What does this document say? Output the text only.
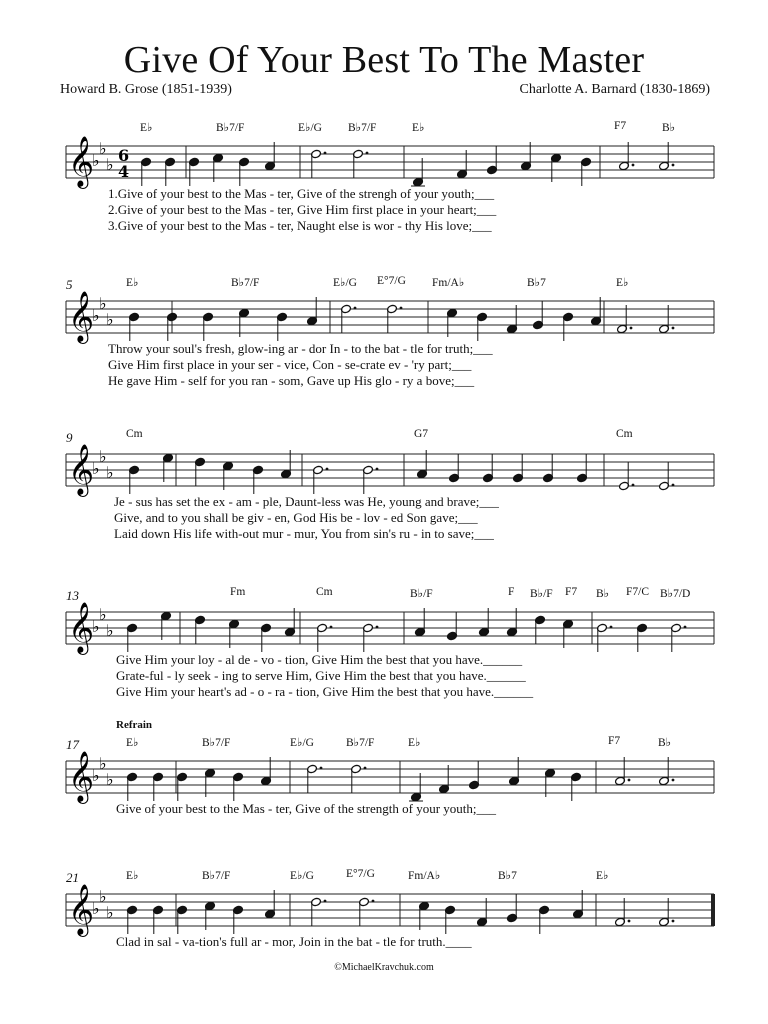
Give Of Your Best To The Master
Howard B. Grose (1851-1939)	Charlotte A. Barnard (1830-1869)
𝄞
♭
♭
♭ 6
4
E♭	B♭7/F	E♭/G B♭7/F	E♭	F7	B♭
1.Give of your best to the Mas - ter, Give of the strengh of your youth;___
2.Give of your best to the Mas - ter, Give Him first place in your heart;___
3.Give of your best to the Mas - ter, Naught else is wor - thy His love;___
𝄞
♭
♭
♭
5	E♭	B♭7/F	E♭/G E°7/G Fm/A♭	B♭7	E♭
Throw your soul's fresh, glow-ing ar - dor In - to the bat - tle for truth;___
Give Him first place in your ser - vice, Con - se-crate ev - 'ry part;___
He gave Him - self for you ran - som, Gave up His glo - ry a bove;___
𝄞
♭
♭
♭
9	Cm	G7	Cm
Je - sus has set the ex - am - ple, Daunt-less was He, young and brave;___
Give, and to you shall be giv - en, God His be - lov - ed Son gave;___
Laid down His life with-out mur - mur, You from sin's ru - in to save;___
𝄞
♭
♭
♭
13	Fm	Cm	B♭/F	F B♭/F F7 B♭ F7/C B♭7/D
Give Him your loy - al de - vo - tion, Give Him the best that you have.______
Grate-ful - ly seek - ing to serve Him, Give Him the best that you have.______
Give Him your heart's ad - o - ra - tion, Give Him the best that you have.______
𝄞
♭
♭
♭
17
Refrain
E♭	B♭7/F	E♭/G	B♭7/F	E♭	F7	B♭
Give of your best to the Mas - ter, Give of the strength of your youth;___
𝄞
♭
♭
♭
21	E♭	B♭7/F	E♭/G	E°7/G	Fm/A♭	B♭7	E♭
Clad in sal - va-tion's full ar - mor, Join in the bat - tle for truth.____
©MichaelKravchuk.com
